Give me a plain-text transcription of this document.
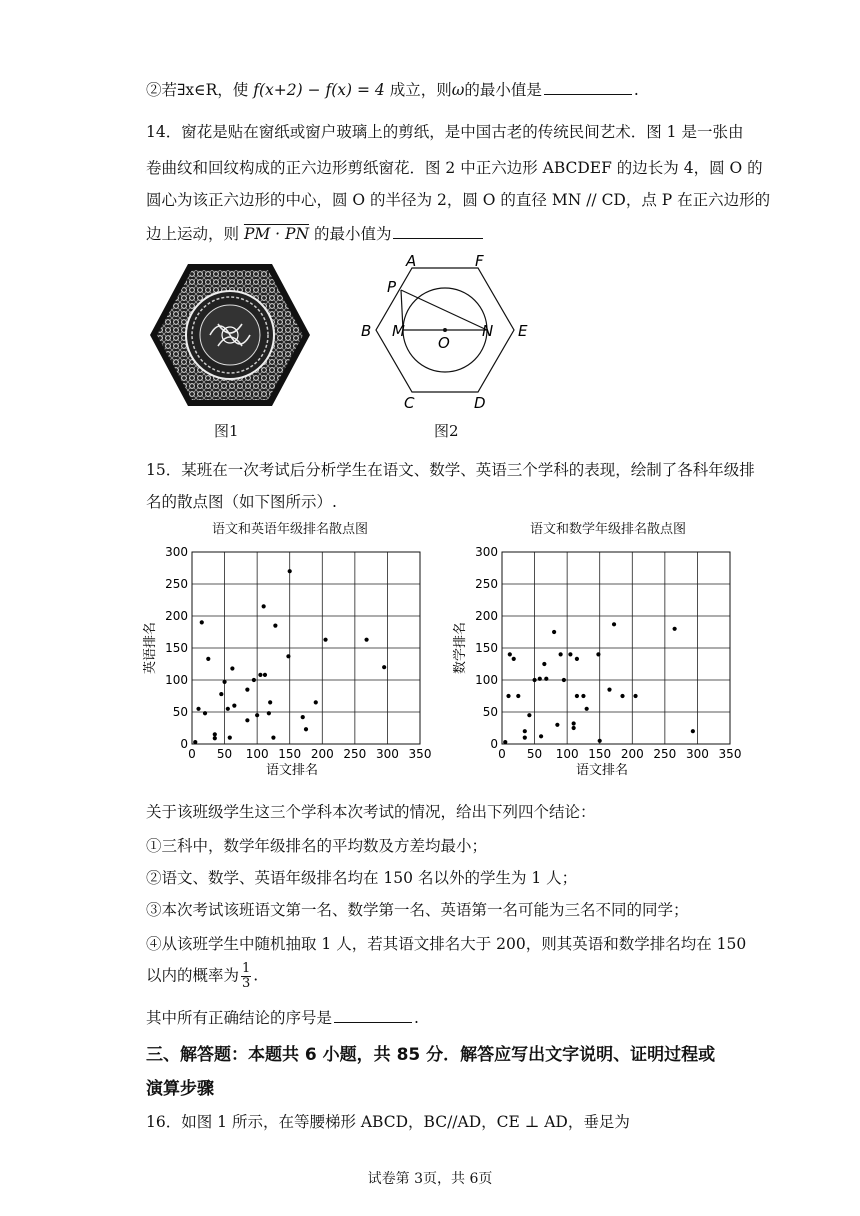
②若∃x∈R，使 f(x+2) − f(x) = 4 成立，则ω的最小值是	.
14．窗花是贴在窗纸或窗户玻璃上的剪纸，是中国古老的传统民间艺术．图 1 是一张由
卷曲纹和回纹构成的正六边形剪纸窗花．图 2 中正六边形 ABCDEF 的边长为 4，圆 O 的
圆心为该正六边形的中心，圆 O 的半径为 2，圆 O 的直径 MN // CD，点 P 在正六边形的
边上运动，则 PM · PN 的最小值为
图1
A	F
P
B M
O
N E
C	D
图2
15．某班在一次考试后分析学生在语文、数学、英语三个学科的表现，绘制了各科年级排
名的散点图（如下图所示）.
语文和英语年级排名散点图
0 50 100 150 200 250 300 350
0
50
100
150
200
250
300
语文排名
英语排名
语文和数学年级排名散点图
0 50 100 150 200 250 300 350
0
50
100
150
200
250
300
语文排名
数学排名
关于该班级学生这三个学科本次考试的情况，给出下列四个结论：
①三科中，数学年级排名的平均数及方差均最小；
②语文、数学、英语年级排名均在 150 名以外的学生为 1 人；
③本次考试该班语文第一名、数学第一名、英语第一名可能为三名不同的同学；
④从该班学生中随机抽取 1 人，若其语文排名大于 200，则其英语和数学排名均在 150
以内的概率为 $\frac{1}{3}$ .
其中所有正确结论的序号是	.
三、解答题：本题共 6 小题，共 85 分．解答应写出文字说明、证明过程或
演算步骤
16．如图 1 所示，在等腰梯形 ABCD，BC//AD，CE ⊥ AD，垂足为
试卷第 3页，共 6页
